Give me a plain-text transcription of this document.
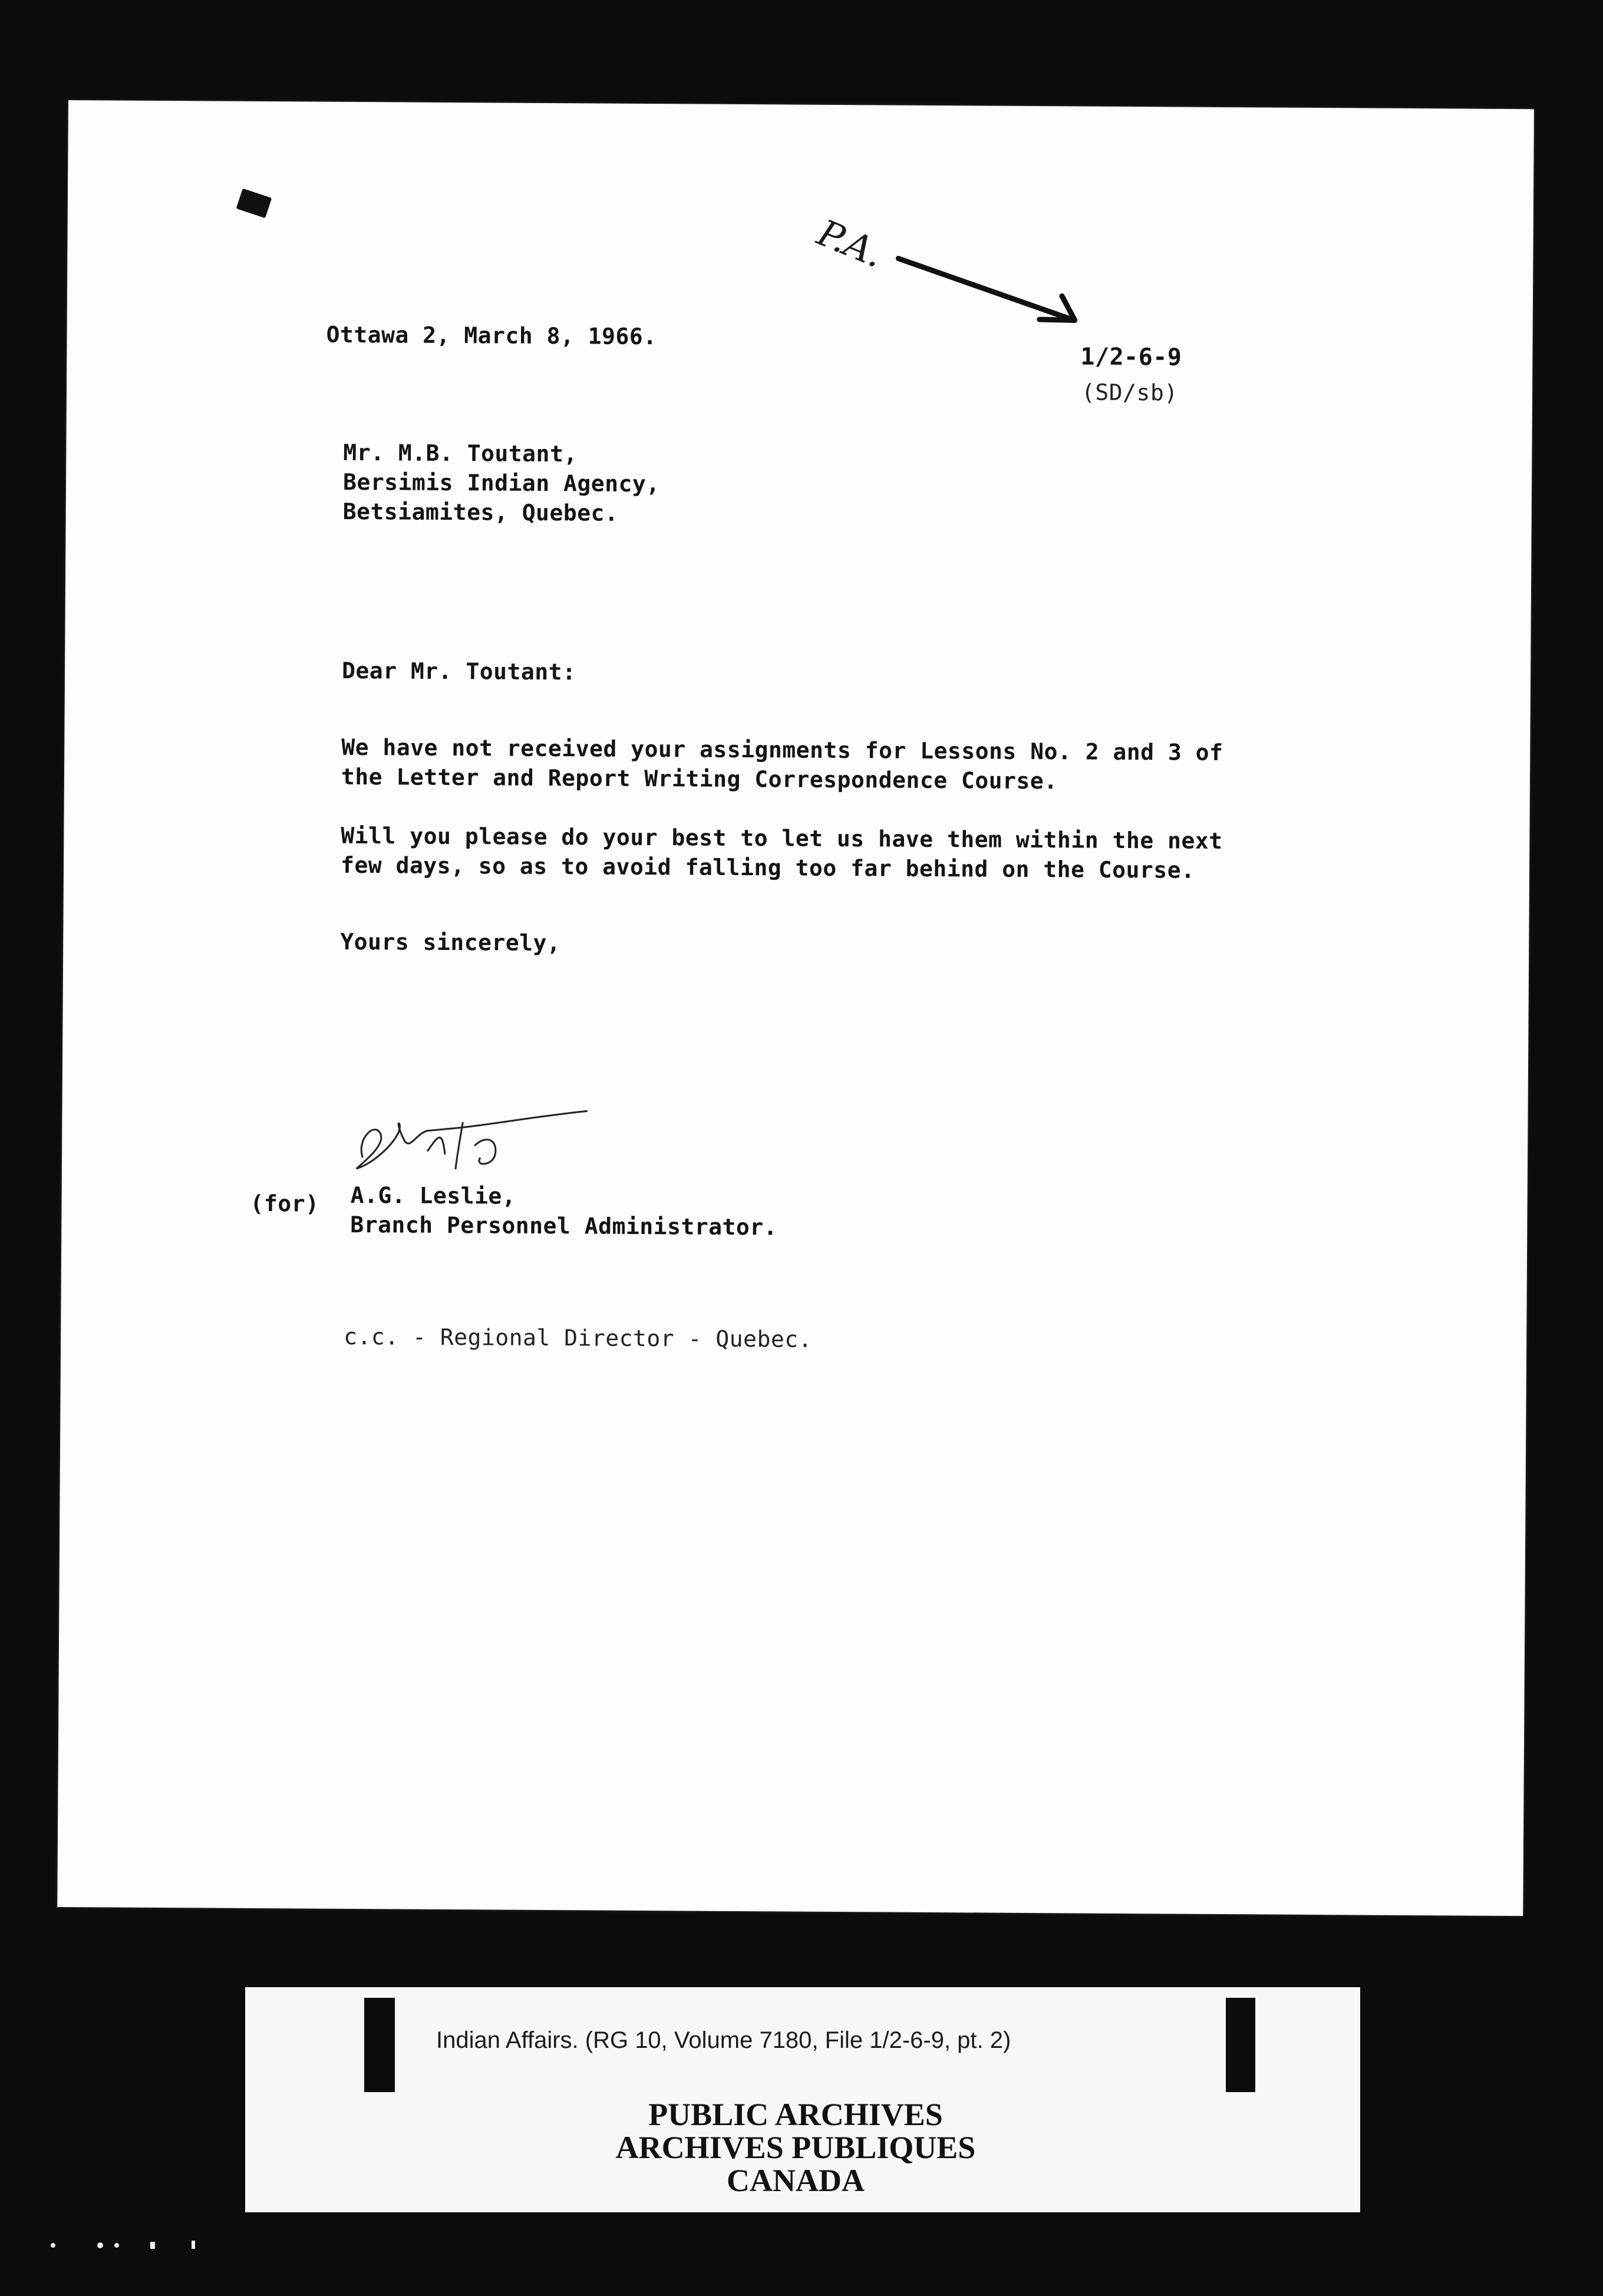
P.A.
Ottawa 2, March 8, 1966.
1/2-6-9
(SD/sb)
Mr. M.B. Toutant,
Bersimis Indian Agency,
Betsiamites, Quebec.
Dear Mr. Toutant:
We have not received your assignments for Lessons No. 2 and 3 of
the Letter and Report Writing Correspondence Course.
Will you please do your best to let us have them within the next
few days, so as to avoid falling too far behind on the Course.
Yours sincerely,
(for) A.G. Leslie,
Branch Personnel Administrator.
c.c. - Regional Director - Quebec.
Indian Affairs. (RG 10, Volume 7180, File 1/2-6-9, pt. 2)
PUBLIC ARCHIVES
ARCHIVES PUBLIQUES
CANADA
